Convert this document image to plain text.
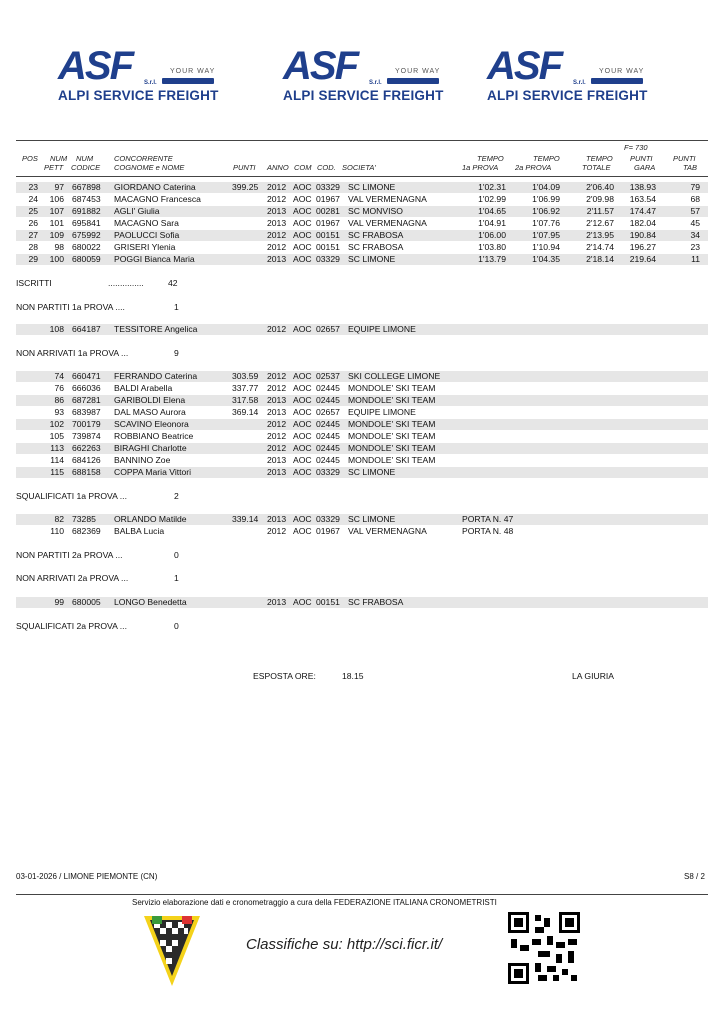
ASF	YOUR WAY
S.r.l.
ALPI SERVICE FREIGHT
ASF	YOUR WAY
S.r.l.
ALPI SERVICE FREIGHT
ASF	YOUR WAY
S.r.l.
ALPI SERVICE FREIGHT
F= 730
POS NUM NUM
PETT CODICE
CONCORRENTE
COGNOME e NOME	PUNTI ANNO COM COD. SOCIETA'
TEMPO
1a PROVA
TEMPO
2a PROVA
TEMPO
TOTALE
PUNTI
GARA
PUNTI
TAB
23	97 667898 GIORDANO Caterina	399.25 2012 AOC 03329 SC LIMONE	1'02.31	1'04.09	2'06.40	138.93	79
24	106 687453 MACAGNO Francesca	2012 AOC 01967 VAL VERMENAGNA	1'02.99	1'06.99	2'09.98	163.54	68
25	107 691882 AGLI' Giulia	2013 AOC 00281 SC MONVISO	1'04.65	1'06.92	2'11.57	174.47	57
26	101 695841 MACAGNO Sara	2013 AOC 01967 VAL VERMENAGNA	1'04.91	1'07.76	2'12.67	182.04	45
27	109 675992 PAOLUCCI Sofia	2012 AOC 00151 SC FRABOSA	1'06.00	1'07.95	2'13.95	190.84	34
28	98 680022 GRISERI Ylenia	2012 AOC 00151 SC FRABOSA	1'03.80	1'10.94	2'14.74	196.27	23
29	100 680059 POGGI Bianca Maria	2013 AOC 03329 SC LIMONE	1'13.79	1'04.35	2'18.14	219.64	11
ISCRITTI	...............	42
NON PARTITI 1a PROVA ....	1
108 664187 TESSITORE Angelica	2012 AOC 02657 EQUIPE LIMONE
NON ARRIVATI 1a PROVA ...	9
74 660471 FERRANDO Caterina	303.59 2012 AOC 02537 SKI COLLEGE LIMONE
76 666036 BALDI Arabella	337.77 2012 AOC 02445 MONDOLE' SKI TEAM
86 687281 GARIBOLDI Elena	317.58 2013 AOC 02445 MONDOLE' SKI TEAM
93 683987 DAL MASO Aurora	369.14 2013 AOC 02657 EQUIPE LIMONE
102 700179 SCAVINO Eleonora	2012 AOC 02445 MONDOLE' SKI TEAM
105 739874 ROBBIANO Beatrice	2012 AOC 02445 MONDOLE' SKI TEAM
113 662263 BIRAGHI Charlotte	2012 AOC 02445 MONDOLE' SKI TEAM
114 684126 BANNINO Zoe	2013 AOC 02445 MONDOLE' SKI TEAM
115 688158 COPPA Maria Vittori	2013 AOC 03329 SC LIMONE
SQUALIFICATI 1a PROVA ...	2
82 73285 ORLANDO Matilde	339.14 2013 AOC 03329 SC LIMONE	PORTA N. 47
110 682369 BALBA Lucia	2012 AOC 01967 VAL VERMENAGNA	PORTA N. 48
NON PARTITI 2a PROVA ...	0
NON ARRIVATI 2a PROVA ...	1
99 680005 LONGO Benedetta	2013 AOC 00151 SC FRABOSA
SQUALIFICATI 2a PROVA ...	0
ESPOSTA ORE:	18.15	LA GIURIA
03-01-2026 / LIMONE PIEMONTE (CN)	S8 / 2
Servizio elaborazione dati e cronometraggio a cura della FEDERAZIONE ITALIANA CRONOMETRISTI
Classifiche su: http://sci.ficr.it/
